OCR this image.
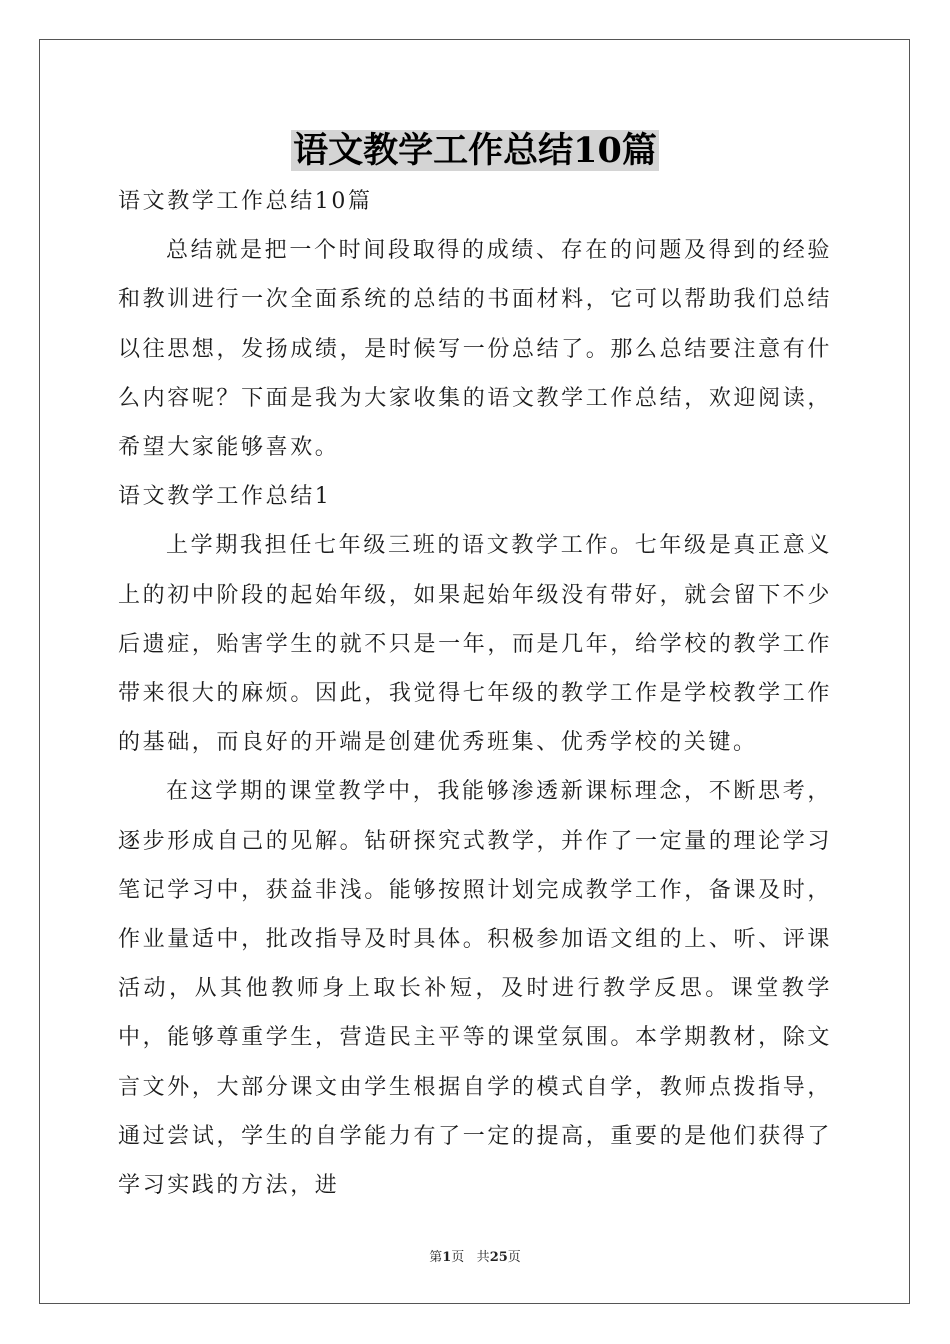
语文教学工作总结10篇

语文教学工作总结10篇

总结就是把一个时间段取得的成绩、存在的问题及得到的经验和教训进行一次全面系统的总结的书面材料，它可以帮助我们总结以往思想，发扬成绩，是时候写一份总结了。那么总结要注意有什么内容呢？下面是我为大家收集的语文教学工作总结，欢迎阅读，希望大家能够喜欢。

语文教学工作总结1

上学期我担任七年级三班的语文教学工作。七年级是真正意义上的初中阶段的起始年级，如果起始年级没有带好，就会留下不少后遗症，贻害学生的就不只是一年，而是几年，给学校的教学工作带来很大的麻烦。因此，我觉得七年级的教学工作是学校教学工作的基础，而良好的开端是创建优秀班集、优秀学校的关键。

在这学期的课堂教学中，我能够渗透新课标理念，不断思考，逐步形成自己的见解。钻研探究式教学，并作了一定量的理论学习笔记学习中，获益非浅。能够按照计划完成教学工作，备课及时，作业量适中，批改指导及时具体。积极参加语文组的上、听、评课活动，从其他教师身上取长补短，及时进行教学反思。课堂教学中，能够尊重学生，营造民主平等的课堂氛围。本学期教材，除文言文外，大部分课文由学生根据自学的模式自学，教师点拨指导，通过尝试，学生的自学能力有了一定的提高，重要的是他们获得了学习实践的方法，进

第1页 共25页
